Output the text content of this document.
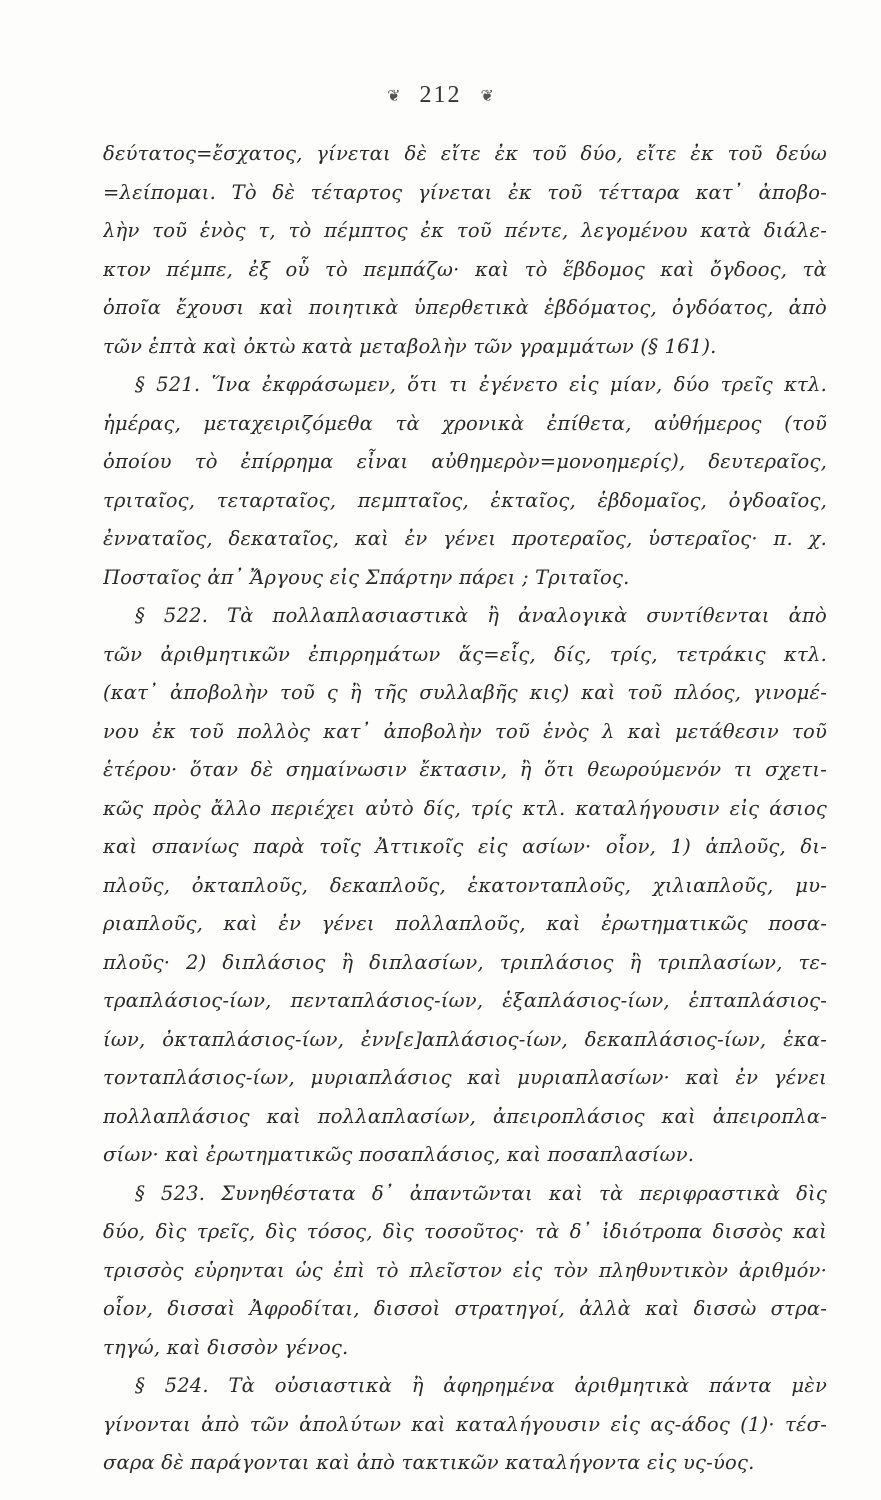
❦ 212 ❦
δεύτατος=ἔσχατος, γίνεται δὲ εἴτε ἐκ τοῦ δύο, εἴτε ἐκ τοῦ δεύω
=λείπομαι. Τὸ δὲ τέταρτος γίνεται ἐκ τοῦ τέτταρα κατ᾽ ἀποβο-
λὴν τοῦ ἑνὸς τ, τὸ πέμπτος ἐκ τοῦ πέντε, λεγομένου κατὰ διάλε-
κτον πέμπε, ἐξ οὗ τὸ πεμπάζω· καὶ τὸ ἕβδομος καὶ ὄγδοος, τὰ
ὁποῖα ἔχουσι καὶ ποιητικὰ ὑπερθετικὰ ἑβδόματος, ὀγδόατος, ἀπὸ
τῶν ἑπτὰ καὶ ὀκτὼ κατὰ μεταβολὴν τῶν γραμμάτων (§ 161).
§ 521. Ἵνα ἐκφράσωμεν, ὅτι τι ἐγένετο εἰς μίαν, δύο τρεῖς κτλ.
ἡμέρας, μεταχειριζόμεθα τὰ χρονικὰ ἐπίθετα, αὐθήμερος (τοῦ
ὁποίου τὸ ἐπίρρημα εἶναι αὐθημερὸν=μονοημερίς), δευτεραῖος,
τριταῖος, τεταρταῖος, πεμπταῖος, ἑκταῖος, ἑβδομαῖος, ὀγδοαῖος,
ἐνναταῖος, δεκαταῖος, καὶ ἐν γένει προτεραῖος, ὑστεραῖος· π. χ.
Ποσταῖος ἀπ᾽ Ἄργους εἰς Σπάρτην πάρει ; Τριταῖος.
§ 522. Τὰ πολλαπλασιαστικὰ ἢ ἀναλογικὰ συντίθενται ἀπὸ
τῶν ἀριθμητικῶν ἐπιρρημάτων ἅς=εἷς, δίς, τρίς, τετράκις κτλ.
(κατ᾽ ἀποβολὴν τοῦ ς ἢ τῆς συλλαβῆς κις) καὶ τοῦ πλόος, γινομέ-
νου ἐκ τοῦ πολλὸς κατ᾽ ἀποβολὴν τοῦ ἑνὸς λ καὶ μετάθεσιν τοῦ
ἑτέρου· ὅταν δὲ σημαίνωσιν ἔκτασιν, ἢ ὅτι θεωρούμενόν τι σχετι-
κῶς πρὸς ἄλλο περιέχει αὐτὸ δίς, τρίς κτλ. καταλήγουσιν εἰς άσιος
καὶ σπανίως παρὰ τοῖς Ἀττικοῖς εἰς ασίων· οἷον, 1) ἁπλοῦς, δι-
πλοῦς, ὀκταπλοῦς, δεκαπλοῦς, ἑκατονταπλοῦς, χιλιαπλοῦς, μυ-
ριαπλοῦς, καὶ ἐν γένει πολλαπλοῦς, καὶ ἐρωτηματικῶς ποσα-
πλοῦς· 2) διπλάσιος ἢ διπλασίων, τριπλάσιος ἢ τριπλασίων, τε-
τραπλάσιος-ίων, πενταπλάσιος-ίων, ἑξαπλάσιος-ίων, ἑπταπλάσιος-
ίων, ὀκταπλάσιος-ίων, ἐνν[ε]απλάσιος-ίων, δεκαπλάσιος-ίων, ἑκα-
τονταπλάσιος-ίων, μυριαπλάσιος καὶ μυριαπλασίων· καὶ ἐν γένει
πολλαπλάσιος καὶ πολλαπλασίων, ἀπειροπλάσιος καὶ ἀπειροπλα-
σίων· καὶ ἐρωτηματικῶς ποσαπλάσιος, καὶ ποσαπλασίων.
§ 523. Συνηθέστατα δ᾽ ἀπαντῶνται καὶ τὰ περιφραστικὰ δὶς
δύο, δὶς τρεῖς, δὶς τόσος, δὶς τοσοῦτος· τὰ δ᾽ ἰδιότροπα δισσὸς καὶ
τρισσὸς εὑρηνται ὡς ἐπὶ τὸ πλεῖστον εἰς τὸν πληθυντικὸν ἀριθμόν·
οἷον, δισσαὶ Ἀφροδίται, δισσοὶ στρατηγοί, ἀλλὰ καὶ δισσὼ στρα-
τηγώ, καὶ δισσὸν γένος.
§ 524. Τὰ οὐσιαστικὰ ἢ ἀφηρημένα ἀριθμητικὰ πάντα μὲν
γίνονται ἀπὸ τῶν ἀπολύτων καὶ καταλήγουσιν εἰς ας-άδος (1)· τέσ-
σαρα δὲ παράγονται καὶ ἀπὸ τακτικῶν καταλήγοντα εἰς υς-ύος.
